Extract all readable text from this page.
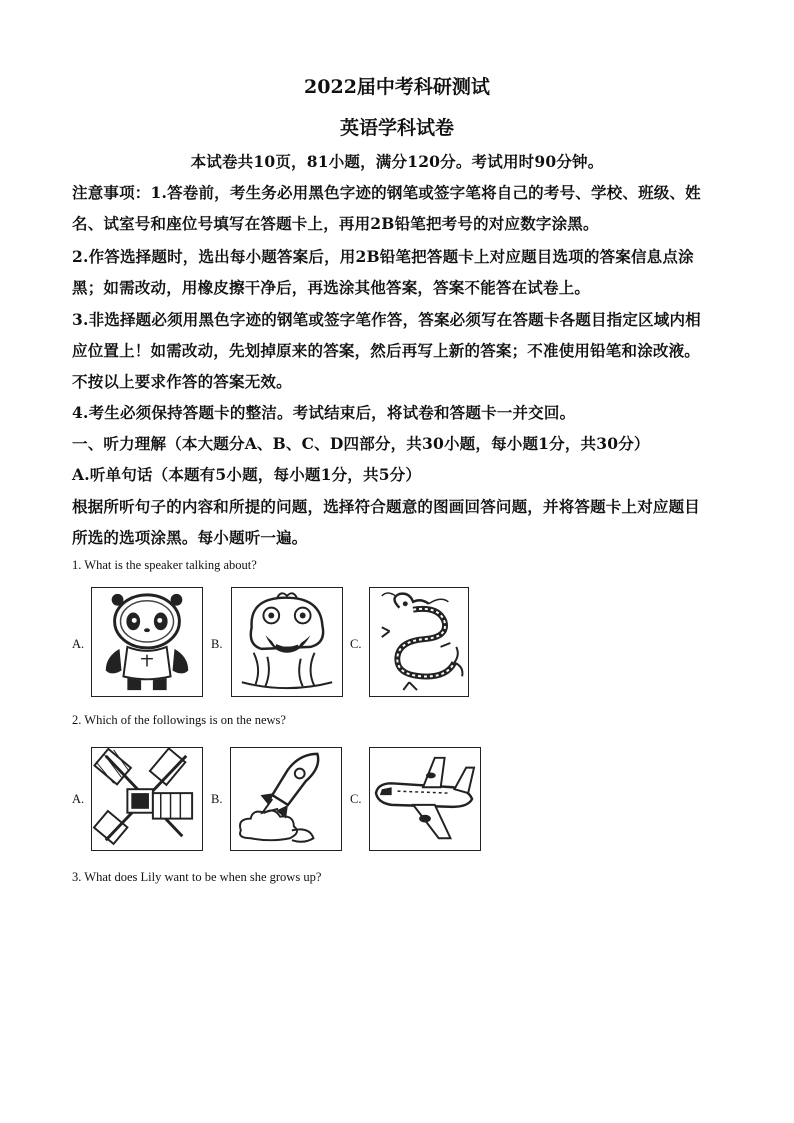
2022届中考科研测试
英语学科试卷
本试卷共10页，81小题，满分120分。考试用时90分钟。
注意事项：1.答卷前，考生务必用黑色字迹的钢笔或签字笔将自己的考号、学校、班级、姓
名、试室号和座位号填写在答题卡上，再用2B铅笔把考号的对应数字涂黑。
2.作答选择题时，选出每小题答案后，用2B铅笔把答题卡上对应题目选项的答案信息点涂
黑；如需改动，用橡皮擦干净后，再选涂其他答案，答案不能答在试卷上。
3.非选择题必须用黑色字迹的钢笔或签字笔作答，答案必须写在答题卡各题目指定区域内相
应位置上！如需改动，先划掉原来的答案，然后再写上新的答案；不准使用铅笔和涂改液。
不按以上要求作答的答案无效。
4.考生必须保持答题卡的整洁。考试结束后，将试卷和答题卡一并交回。
一、听力理解（本大题分A、B、C、D四部分，共30小题，每小题1分，共30分）
A.听单句话（本题有5小题，每小题1分，共5分）
根据所听句子的内容和所提的问题，选择符合题意的图画回答问题，并将答题卡上对应题目
所选的选项涂黑。每小题听一遍。
1. What is the speaker talking about?
A.	B.	C.
2. Which of the followings is on the news?
A.	B.	C.
3. What does Lily want to be when she grows up?
